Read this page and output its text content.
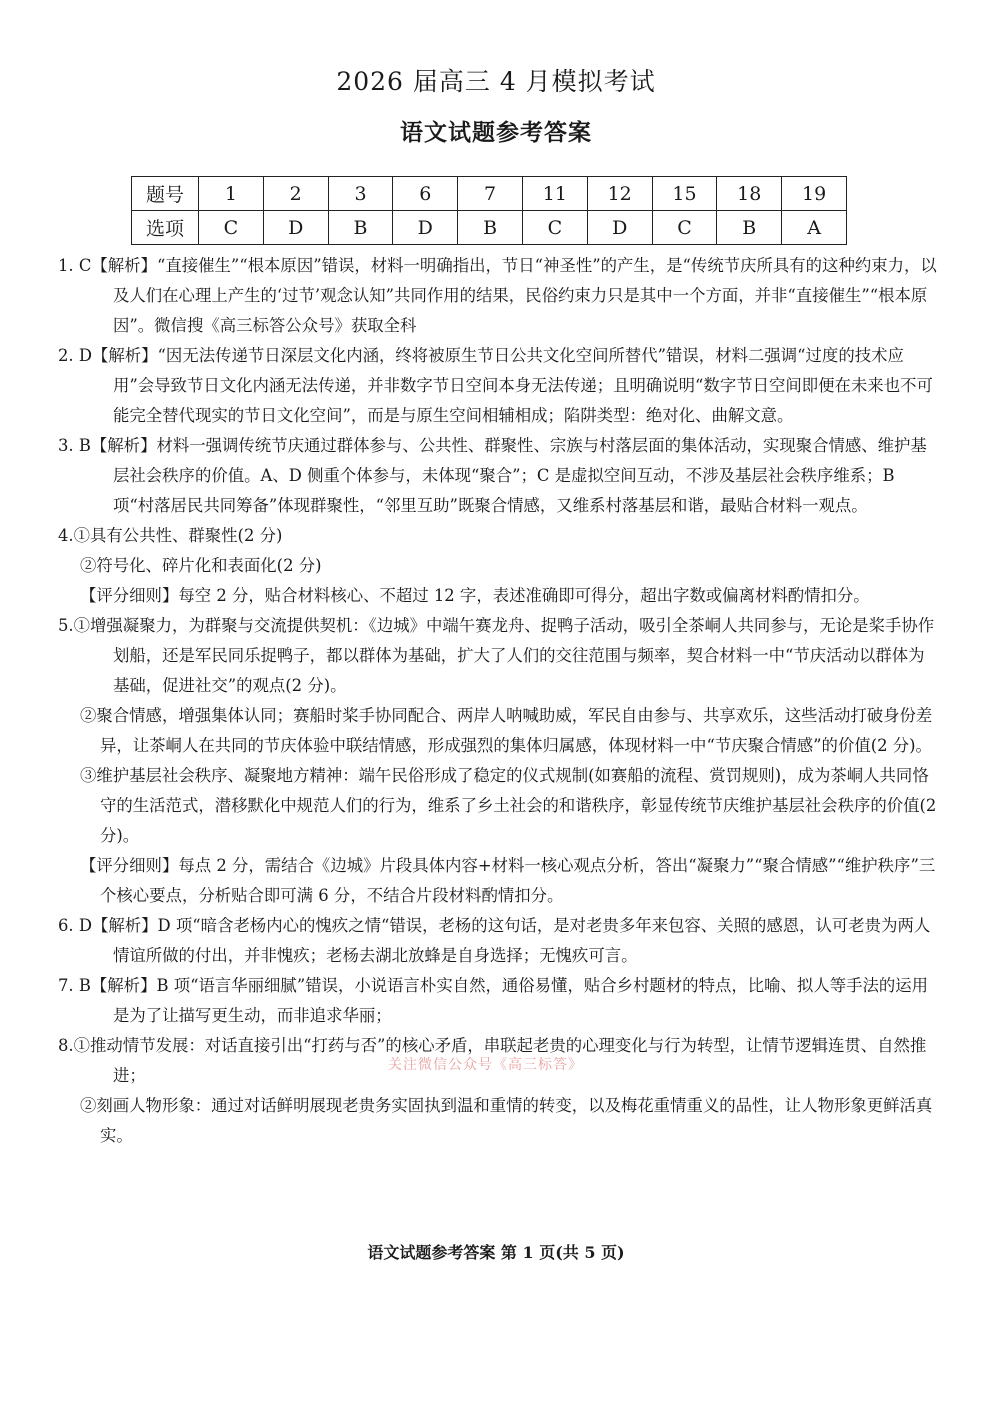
2026 届高三 4 月模拟考试
语文试题参考答案
题号	1	2	3	6	7	11	12	15	18	19
选项	C	D	B	D	B	C	D	C	B	A

1. C【解析】“直接催生”“根本原因”错误，材料一明确指出，节日“神圣性”的产生，是“传统节庆所具有的这种约束力，以及人们在心理上产生的‘过节’观念认知”共同作用的结果，民俗约束力只是其中一个方面，并非“直接催生”“根本原因”。微信搜《高三标答公众号》获取全科

2. D【解析】“因无法传递节日深层文化内涵，终将被原生节日公共文化空间所替代”错误，材料二强调“过度的技术应用”会导致节日文化内涵无法传递，并非数字节日空间本身无法传递；且明确说明“数字节日空间即便在未来也不可能完全替代现实的节日文化空间”，而是与原生空间相辅相成；陷阱类型：绝对化、曲解文意。

3. B【解析】材料一强调传统节庆通过群体参与、公共性、群聚性、宗族与村落层面的集体活动，实现聚合情感、维护基层社会秩序的价值。A、D 侧重个体参与，未体现“聚合”；C 是虚拟空间互动，不涉及基层社会秩序维系；B 项“村落居民共同筹备”体现群聚性，“邻里互助”既聚合情感，又维系村落基层和谐，最贴合材料一观点。

4.①具有公共性、群聚性(2 分)

②符号化、碎片化和表面化(2 分)

【评分细则】每空 2 分，贴合材料核心、不超过 12 字，表述准确即可得分，超出字数或偏离材料酌情扣分。

5.①增强凝聚力，为群聚与交流提供契机：《边城》中端午赛龙舟、捉鸭子活动，吸引全茶峒人共同参与，无论是桨手协作划船，还是军民同乐捉鸭子，都以群体为基础，扩大了人们的交往范围与频率，契合材料一中“节庆活动以群体为基础，促进社交”的观点(2 分)。

②聚合情感，增强集体认同；赛船时桨手协同配合、两岸人呐喊助威，军民自由参与、共享欢乐，这些活动打破身份差异，让茶峒人在共同的节庆体验中联结情感，形成强烈的集体归属感，体现材料一中“节庆聚合情感”的价值(2 分)。

③维护基层社会秩序、凝聚地方精神：端午民俗形成了稳定的仪式规制(如赛船的流程、赏罚规则)，成为茶峒人共同恪守的生活范式，潜移默化中规范人们的行为，维系了乡土社会的和谐秩序，彰显传统节庆维护基层社会秩序的价值(2 分)。

【评分细则】每点 2 分，需结合《边城》片段具体内容+材料一核心观点分析，答出“凝聚力”“聚合情感”“维护秩序”三个核心要点，分析贴合即可满 6 分，不结合片段材料酌情扣分。

6. D【解析】D 项“暗含老杨内心的愧疚之情“错误，老杨的这句话，是对老贵多年来包容、关照的感恩，认可老贵为两人情谊所做的付出，并非愧疚；老杨去湖北放蜂是自身选择；无愧疚可言。

7. B【解析】B 项“语言华丽细腻”错误，小说语言朴实自然，通俗易懂，贴合乡村题材的特点，比喻、拟人等手法的运用是为了让描写更生动，而非追求华丽；

8.①推动情节发展：对话直接引出“打药与否”的核心矛盾，串联起老贵的心理变化与行为转型，让情节逻辑连贯、自然推进；

②刻画人物形象：通过对话鲜明展现老贵务实固执到温和重情的转变，以及梅花重情重义的品性，让人物形象更鲜活真实。

关注微信公众号《高三标答》
语文试题参考答案 第 1 页(共 5 页)
